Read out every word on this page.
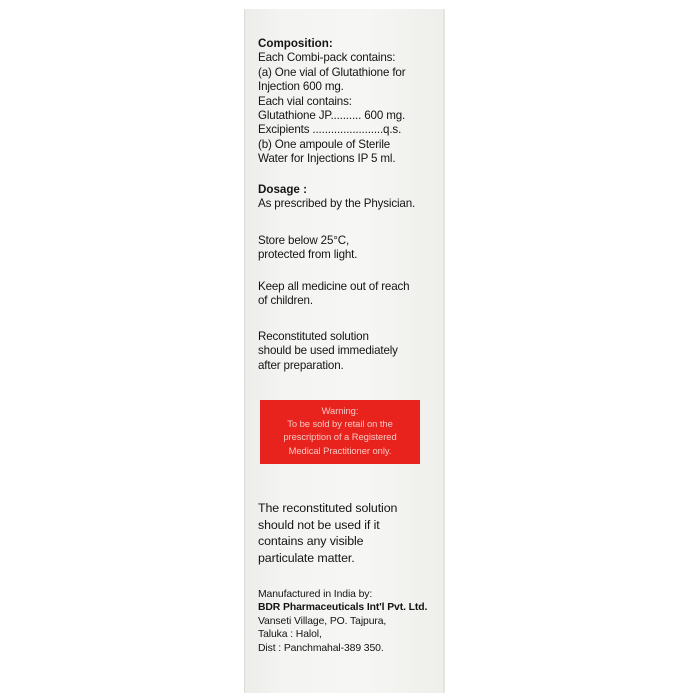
Composition:
Each Combi-pack contains:
(a) One vial of Glutathione for
Injection 600 mg.
Each vial contains:
Glutathione JP.......... 600 mg.
Excipients .......................q.s.
(b) One ampoule of Sterile
Water for Injections IP 5 ml.
Dosage :
As prescribed by the Physician.
Store below 25°C,
protected from light.
Keep all medicine out of reach
of children.
Reconstituted solution
should be used immediately
after preparation.
Warning:
To be sold by retail on the
prescription of a Registered
Medical Practitioner only.
The reconstituted solution
should not be used if it
contains any visible
particulate matter.
Manufactured in India by:
BDR Pharmaceuticals Int'l Pvt. Ltd.
Vanseti Village, PO. Tajpura,
Taluka : Halol,
Dist : Panchmahal-389 350.
